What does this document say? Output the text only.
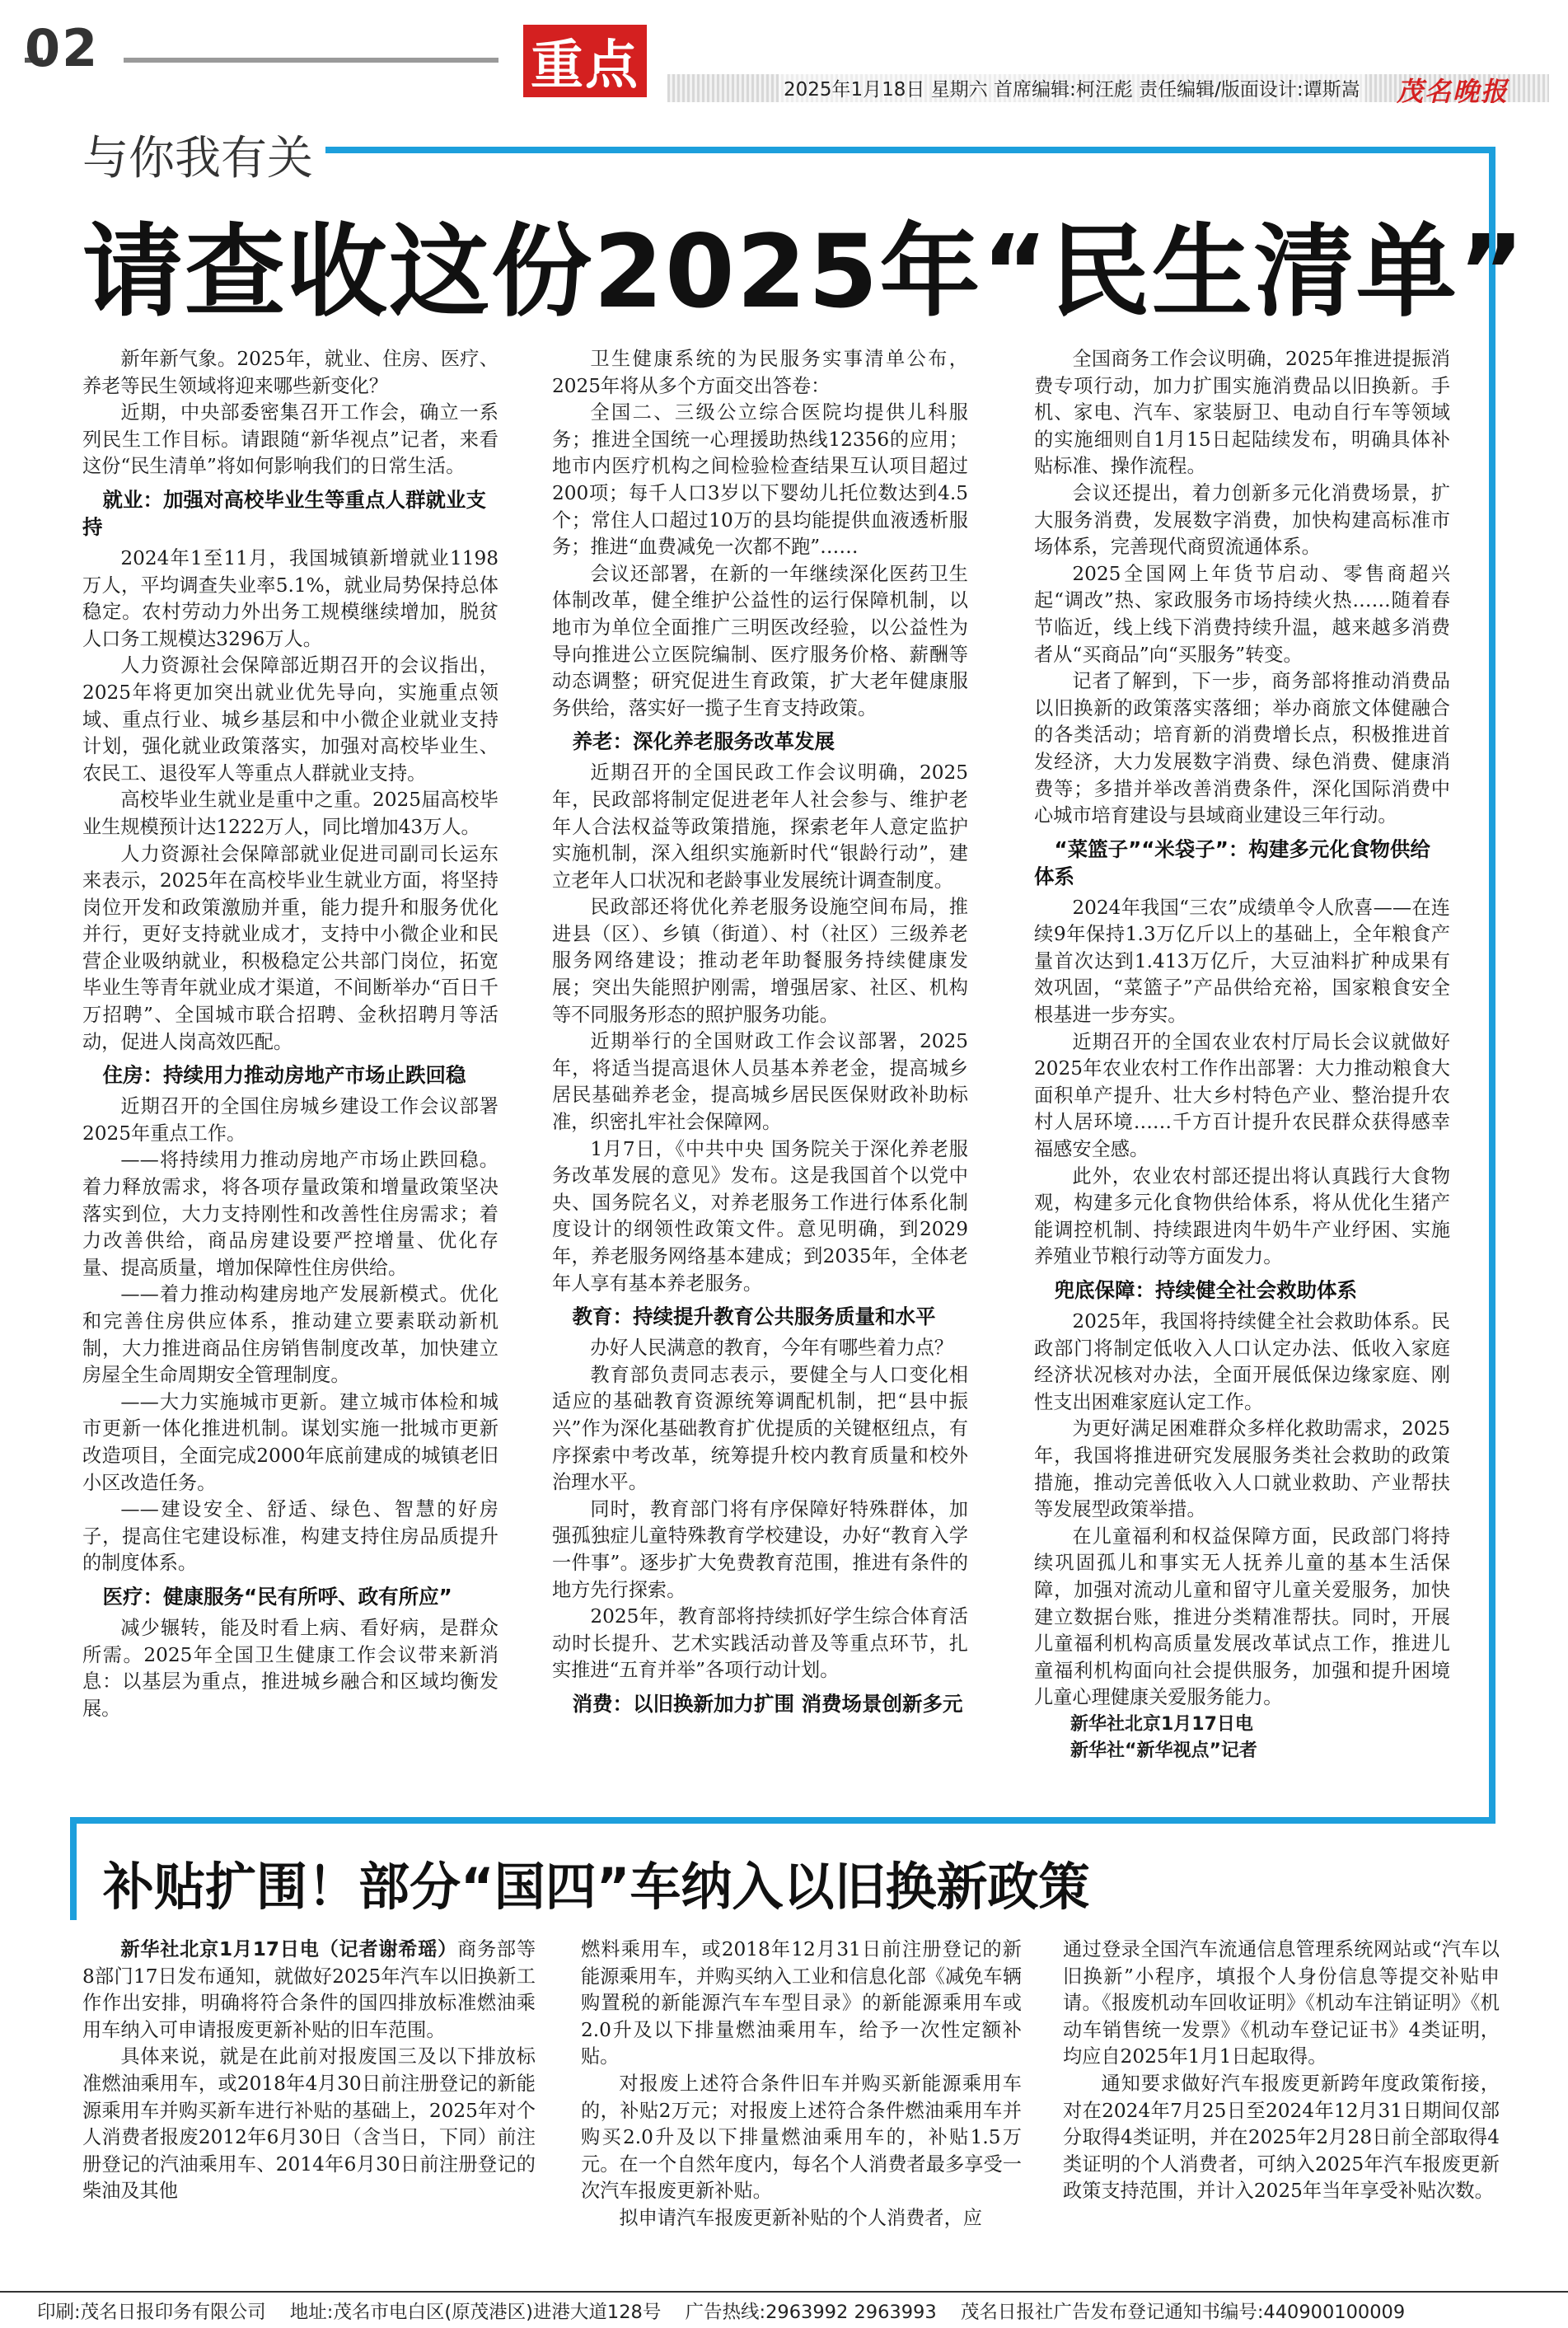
02	重点	2025年1月18日 星期六 首席编辑:柯汪彪 责任编辑/版面设计:谭斯嵩 茂名晚报
与你我有关
请查收这份2025年“民生清单”

新年新气象。2025年，就业、住房、医疗、养老等民生领域将迎来哪些新变化？

近期，中央部委密集召开工作会，确立一系列民生工作目标。请跟随“新华视点”记者，来看这份“民生清单”将如何影响我们的日常生活。

就业：加强对高校毕业生等重点人群就业支持

2024年1至11月，我国城镇新增就业1198万人，平均调查失业率5.1%，就业局势保持总体稳定。农村劳动力外出务工规模继续增加，脱贫人口务工规模达3296万人。

人力资源社会保障部近期召开的会议指出，2025年将更加突出就业优先导向，实施重点领域、重点行业、城乡基层和中小微企业就业支持计划，强化就业政策落实，加强对高校毕业生、农民工、退役军人等重点人群就业支持。

高校毕业生就业是重中之重。2025届高校毕业生规模预计达1222万人，同比增加43万人。

人力资源社会保障部就业促进司副司长运东来表示，2025年在高校毕业生就业方面，将坚持岗位开发和政策激励并重，能力提升和服务优化并行，更好支持就业成才，支持中小微企业和民营企业吸纳就业，积极稳定公共部门岗位，拓宽毕业生等青年就业成才渠道，不间断举办“百日千万招聘”、全国城市联合招聘、金秋招聘月等活动，促进人岗高效匹配。

住房：持续用力推动房地产市场止跌回稳

近期召开的全国住房城乡建设工作会议部署2025年重点工作。

——将持续用力推动房地产市场止跌回稳。着力释放需求，将各项存量政策和增量政策坚决落实到位，大力支持刚性和改善性住房需求；着力改善供给，商品房建设要严控增量、优化存量、提高质量，增加保障性住房供给。

——着力推动构建房地产发展新模式。优化和完善住房供应体系，推动建立要素联动新机制，大力推进商品住房销售制度改革，加快建立房屋全生命周期安全管理制度。

——大力实施城市更新。建立城市体检和城市更新一体化推进机制。谋划实施一批城市更新改造项目，全面完成2000年底前建成的城镇老旧小区改造任务。

——建设安全、舒适、绿色、智慧的好房子，提高住宅建设标准，构建支持住房品质提升的制度体系。

医疗：健康服务“民有所呼、政有所应”

减少辗转，能及时看上病、看好病，是群众所需。2025年全国卫生健康工作会议带来新消息：以基层为重点，推进城乡融合和区域均衡发展。

卫生健康系统的为民服务实事清单公布，2025年将从多个方面交出答卷：

全国二、三级公立综合医院均提供儿科服务；推进全国统一心理援助热线12356的应用；地市内医疗机构之间检验检查结果互认项目超过200项；每千人口3岁以下婴幼儿托位数达到4.5个；常住人口超过10万的县均能提供血液透析服务；推进“血费减免一次都不跑”……

会议还部署，在新的一年继续深化医药卫生体制改革，健全维护公益性的运行保障机制，以地市为单位全面推广三明医改经验，以公益性为导向推进公立医院编制、医疗服务价格、薪酬等动态调整；研究促进生育政策，扩大老年健康服务供给，落实好一揽子生育支持政策。

养老：深化养老服务改革发展

近期召开的全国民政工作会议明确，2025年，民政部将制定促进老年人社会参与、维护老年人合法权益等政策措施，探索老年人意定监护实施机制，深入组织实施新时代“银龄行动”，建立老年人口状况和老龄事业发展统计调查制度。

民政部还将优化养老服务设施空间布局，推进县（区）、乡镇（街道）、村（社区）三级养老服务网络建设；推动老年助餐服务持续健康发展；突出失能照护刚需，增强居家、社区、机构等不同服务形态的照护服务功能。

近期举行的全国财政工作会议部署，2025年，将适当提高退休人员基本养老金，提高城乡居民基础养老金，提高城乡居民医保财政补助标准，织密扎牢社会保障网。

1月7日，《中共中央 国务院关于深化养老服务改革发展的意见》发布。这是我国首个以党中央、国务院名义，对养老服务工作进行体系化制度设计的纲领性政策文件。意见明确，到2029年，养老服务网络基本建成；到2035年，全体老年人享有基本养老服务。

教育：持续提升教育公共服务质量和水平

办好人民满意的教育，今年有哪些着力点？

教育部负责同志表示，要健全与人口变化相适应的基础教育资源统筹调配机制，把“县中振兴”作为深化基础教育扩优提质的关键枢纽点，有序探索中考改革，统筹提升校内教育质量和校外治理水平。

同时，教育部门将有序保障好特殊群体，加强孤独症儿童特殊教育学校建设，办好“教育入学一件事”。逐步扩大免费教育范围，推进有条件的地方先行探索。

2025年，教育部将持续抓好学生综合体育活动时长提升、艺术实践活动普及等重点环节，扎实推进“五育并举”各项行动计划。

消费：以旧换新加力扩围 消费场景创新多元

全国商务工作会议明确，2025年推进提振消费专项行动，加力扩围实施消费品以旧换新。手机、家电、汽车、家装厨卫、电动自行车等领域的实施细则自1月15日起陆续发布，明确具体补贴标准、操作流程。

会议还提出，着力创新多元化消费场景，扩大服务消费，发展数字消费，加快构建高标准市场体系，完善现代商贸流通体系。

2025全国网上年货节启动、零售商超兴起“调改”热、家政服务市场持续火热……随着春节临近，线上线下消费持续升温，越来越多消费者从“买商品”向“买服务”转变。

记者了解到，下一步，商务部将推动消费品以旧换新的政策落实落细；举办商旅文体健融合的各类活动；培育新的消费增长点，积极推进首发经济，大力发展数字消费、绿色消费、健康消费等；多措并举改善消费条件，深化国际消费中心城市培育建设与县域商业建设三年行动。

“菜篮子”“米袋子”：构建多元化食物供给体系

2024年我国“三农”成绩单令人欣喜——在连续9年保持1.3万亿斤以上的基础上，全年粮食产量首次达到1.413万亿斤，大豆油料扩种成果有效巩固，“菜篮子”产品供给充裕，国家粮食安全根基进一步夯实。

近期召开的全国农业农村厅局长会议就做好2025年农业农村工作作出部署：大力推动粮食大面积单产提升、壮大乡村特色产业、整治提升农村人居环境……千方百计提升农民群众获得感幸福感安全感。

此外，农业农村部还提出将认真践行大食物观，构建多元化食物供给体系，将从优化生猪产能调控机制、持续跟进肉牛奶牛产业纾困、实施养殖业节粮行动等方面发力。

兜底保障：持续健全社会救助体系

2025年，我国将持续健全社会救助体系。民政部门将制定低收入人口认定办法、低收入家庭经济状况核对办法，全面开展低保边缘家庭、刚性支出困难家庭认定工作。

为更好满足困难群众多样化救助需求，2025年，我国将推进研究发展服务类社会救助的政策措施，推动完善低收入人口就业救助、产业帮扶等发展型政策举措。

在儿童福利和权益保障方面，民政部门将持续巩固孤儿和事实无人抚养儿童的基本生活保障，加强对流动儿童和留守儿童关爱服务，加快建立数据台账，推进分类精准帮扶。同时，开展儿童福利机构高质量发展改革试点工作，推进儿童福利机构面向社会提供服务，加强和提升困境儿童心理健康关爱服务能力。

新华社北京1月17日电

新华社“新华视点”记者

补贴扩围！部分“国四”车纳入以旧换新政策

新华社北京1月17日电（记者谢希瑶）商务部等8部门17日发布通知，就做好2025年汽车以旧换新工作作出安排，明确将符合条件的国四排放标准燃油乘用车纳入可申请报废更新补贴的旧车范围。

具体来说，就是在此前对报废国三及以下排放标准燃油乘用车，或2018年4月30日前注册登记的新能源乘用车并购买新车进行补贴的基础上，2025年对个人消费者报废2012年6月30日（含当日，下同）前注册登记的汽油乘用车、2014年6月30日前注册登记的柴油及其他

燃料乘用车，或2018年12月31日前注册登记的新能源乘用车，并购买纳入工业和信息化部《减免车辆购置税的新能源汽车车型目录》的新能源乘用车或2.0升及以下排量燃油乘用车，给予一次性定额补贴。

对报废上述符合条件旧车并购买新能源乘用车的，补贴2万元；对报废上述符合条件燃油乘用车并购买2.0升及以下排量燃油乘用车的，补贴1.5万元。在一个自然年度内，每名个人消费者最多享受一次汽车报废更新补贴。

拟申请汽车报废更新补贴的个人消费者，应

通过登录全国汽车流通信息管理系统网站或“汽车以旧换新”小程序，填报个人身份信息等提交补贴申请。《报废机动车回收证明》《机动车注销证明》《机动车销售统一发票》《机动车登记证书》4类证明，均应自2025年1月1日起取得。

通知要求做好汽车报废更新跨年度政策衔接，对在2024年7月25日至2024年12月31日期间仅部分取得4类证明，并在2025年2月28日前全部取得4类证明的个人消费者，可纳入2025年汽车报废更新政策支持范围，并计入2025年当年享受补贴次数。

印刷:茂名日报印务有限公司 地址:茂名市电白区(原茂港区)进港大道128号 广告热线:2963992 2963993 茂名日报社广告发布登记通知书编号:440900100009
